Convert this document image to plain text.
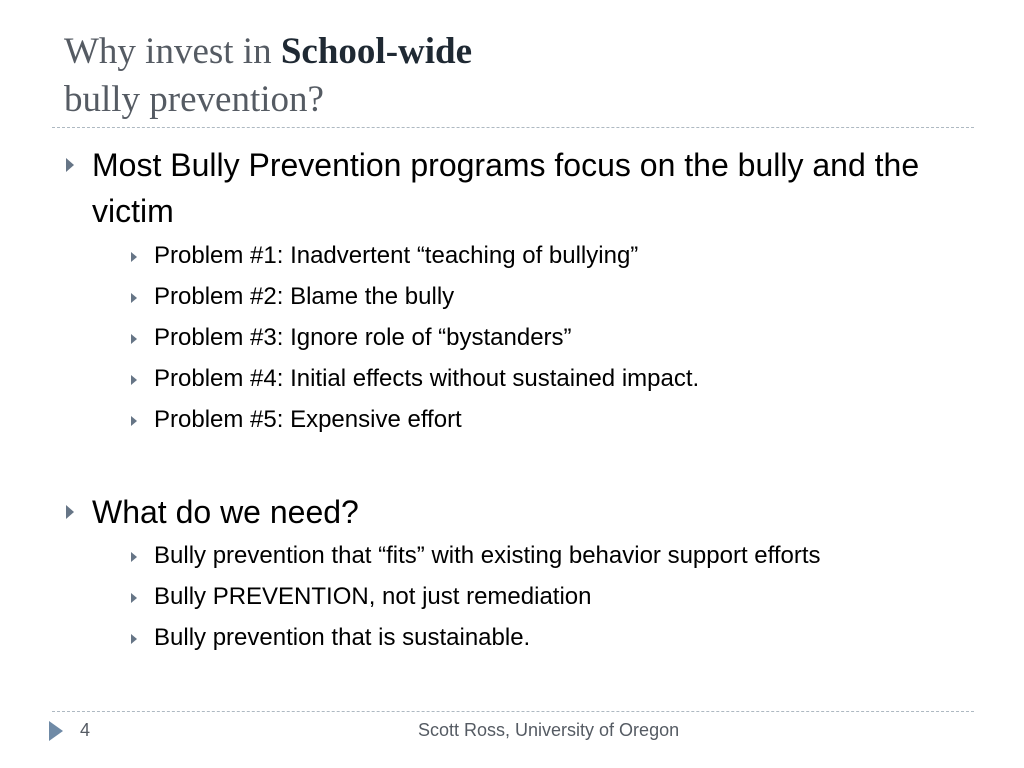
Why invest in School-wide
bully prevention?
Most Bully Prevention programs focus on the bully and the victim
Problem #1: Inadvertent “teaching of bullying”
Problem #2: Blame the bully
Problem #3: Ignore role of “bystanders”
Problem #4: Initial effects without sustained impact.
Problem #5: Expensive effort
What do we need?
Bully prevention that “fits” with existing behavior support efforts
Bully PREVENTION, not just remediation
Bully prevention that is sustainable.
4	Scott Ross, University of Oregon
